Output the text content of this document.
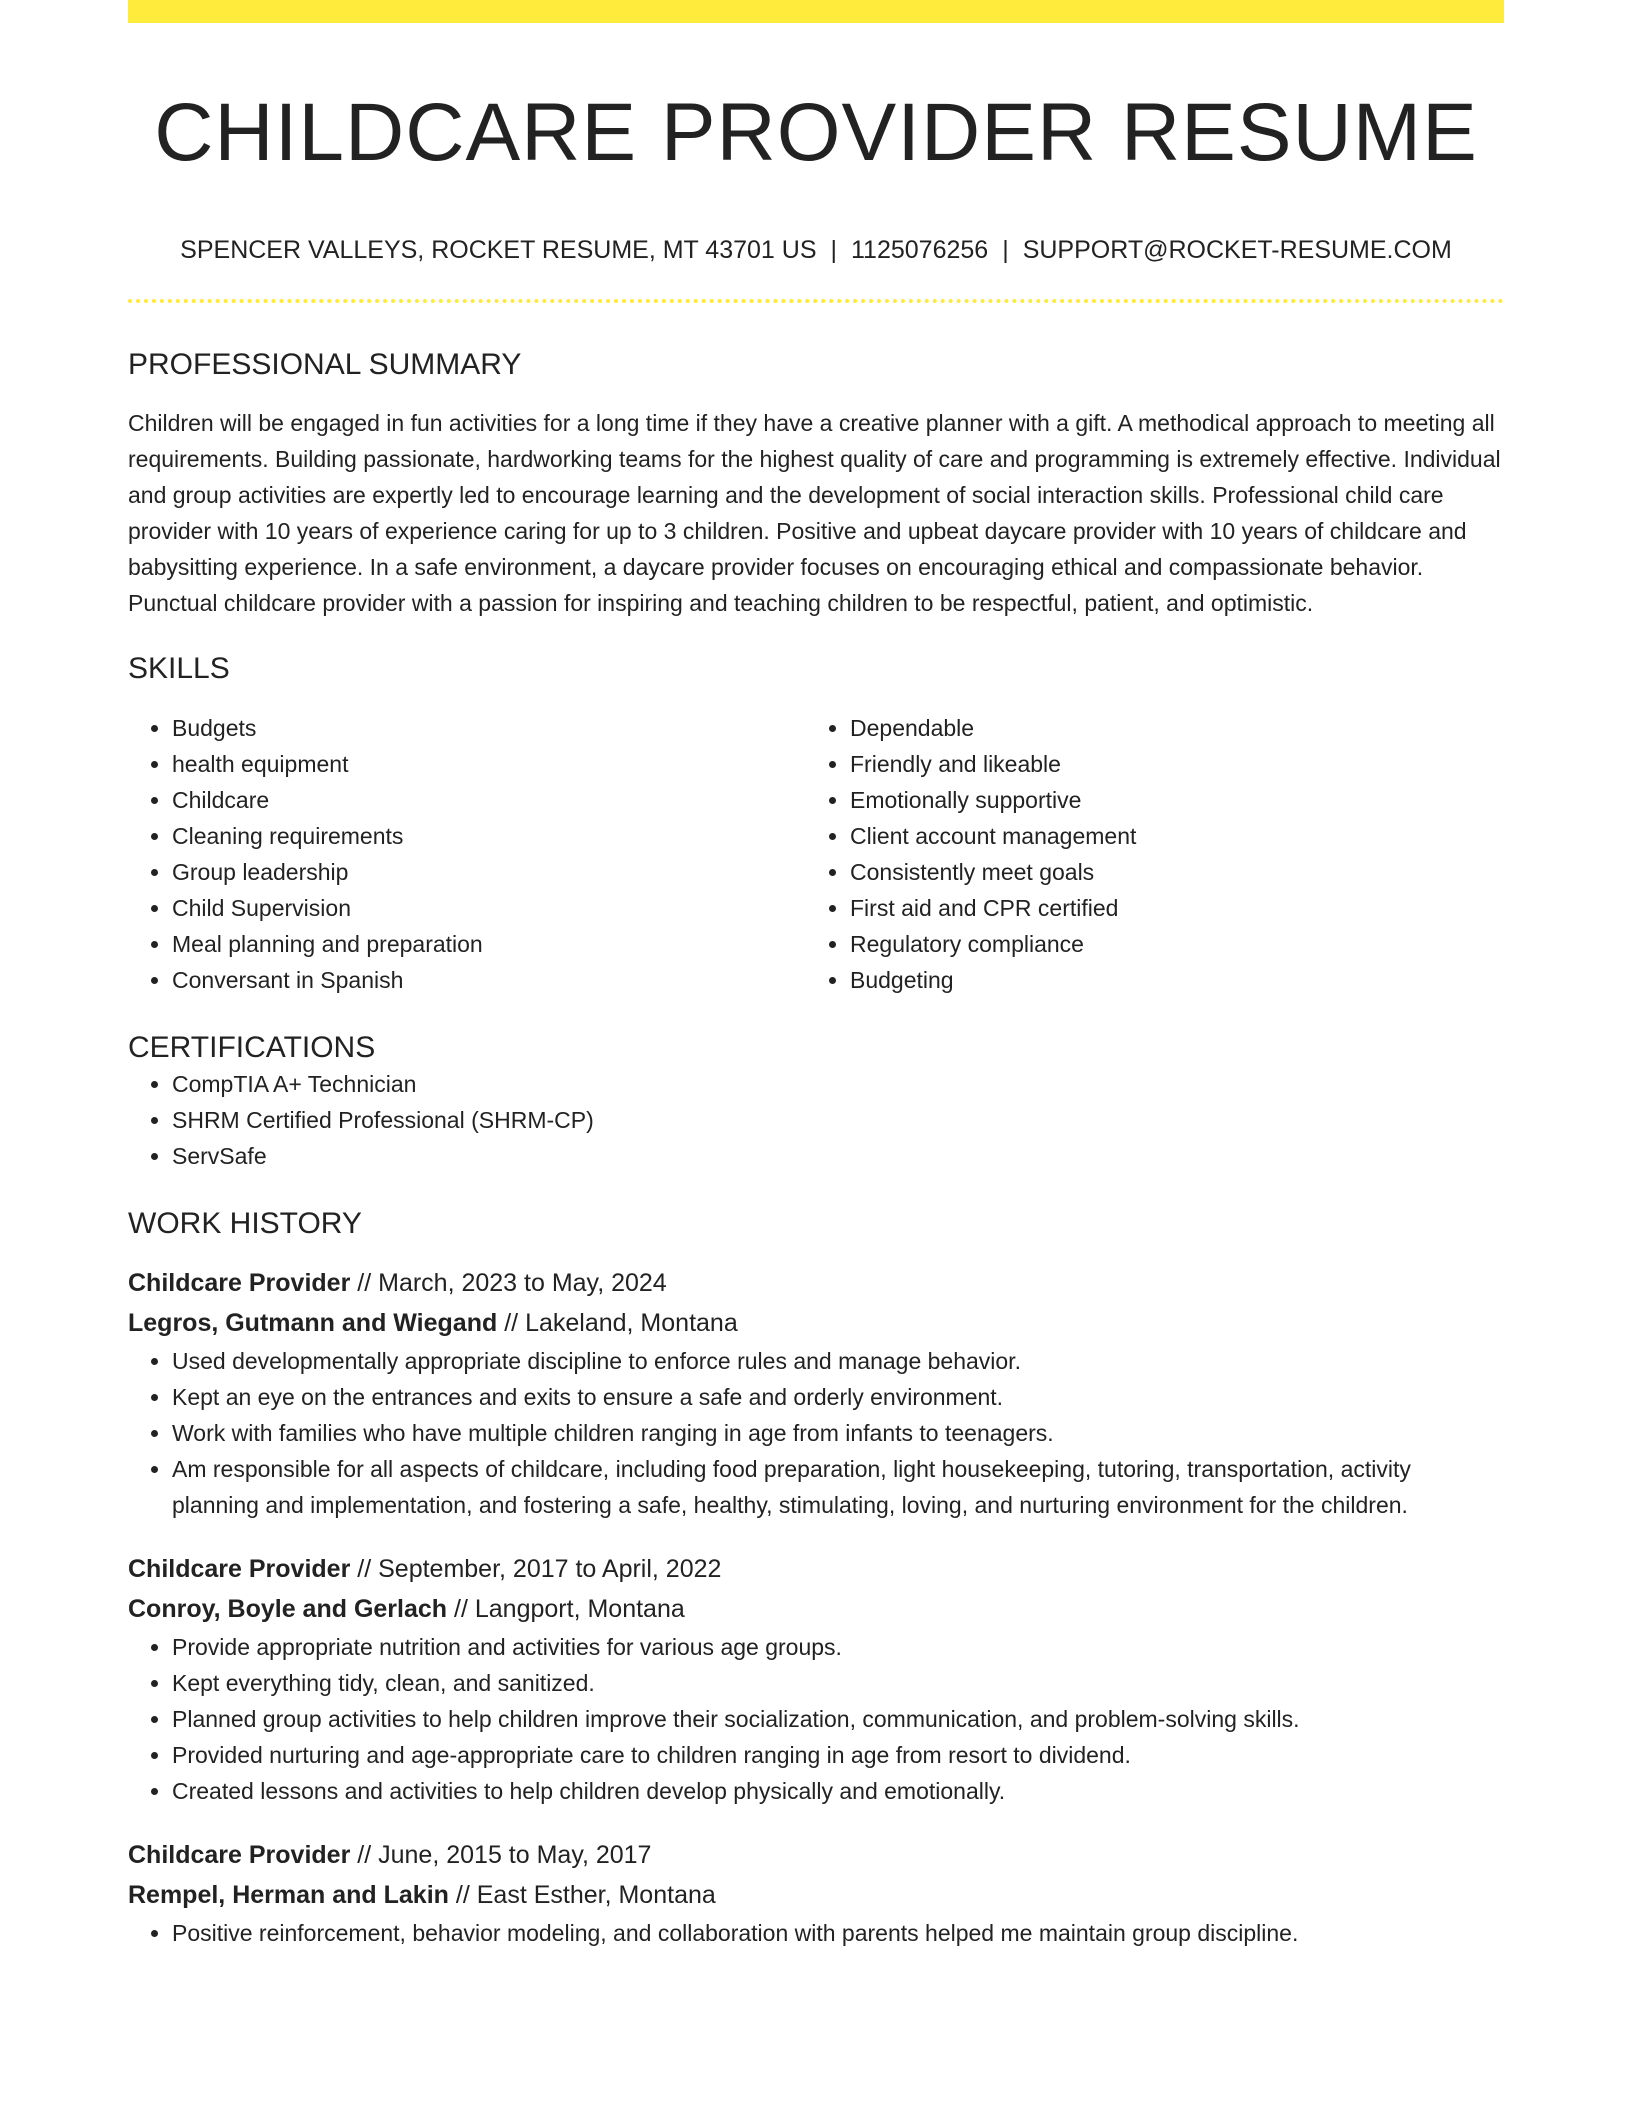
CHILDCARE PROVIDER RESUME
SPENCER VALLEYS, ROCKET RESUME, MT 43701 US | 1125076256 | SUPPORT@ROCKET-RESUME.COM
PROFESSIONAL SUMMARY

Children will be engaged in fun activities for a long time if they have a creative planner with a gift. A methodical approach to meeting all requirements. Building passionate, hardworking teams for the highest quality of care and programming is extremely effective. Individual and group activities are expertly led to encourage learning and the development of social interaction skills. Professional child care provider with 10 years of experience caring for up to 3 children. Positive and upbeat daycare provider with 10 years of childcare and babysitting experience. In a safe environment, a daycare provider focuses on encouraging ethical and compassionate behavior. Punctual childcare provider with a passion for inspiring and teaching children to be respectful, patient, and optimistic.

SKILLS
• Budgets
• health equipment
• Childcare
• Cleaning requirements
• Group leadership
• Child Supervision
• Meal planning and preparation
• Conversant in Spanish
• Dependable
• Friendly and likeable
• Emotionally supportive
• Client account management
• Consistently meet goals
• First aid and CPR certified
• Regulatory compliance
• Budgeting
CERTIFICATIONS
• CompTIA A+ Technician
• SHRM Certified Professional (SHRM-CP)
• ServSafe
WORK HISTORY
Childcare Provider // March, 2023 to May, 2024
Legros, Gutmann and Wiegand // Lakeland, Montana
• Used developmentally appropriate discipline to enforce rules and manage behavior.
• Kept an eye on the entrances and exits to ensure a safe and orderly environment.
• Work with families who have multiple children ranging in age from infants to teenagers.
• Am responsible for all aspects of childcare, including food preparation, light housekeeping, tutoring, transportation, activity planning and implementation, and fostering a safe, healthy, stimulating, loving, and nurturing environment for the children.
Childcare Provider // September, 2017 to April, 2022
Conroy, Boyle and Gerlach // Langport, Montana
• Provide appropriate nutrition and activities for various age groups.
• Kept everything tidy, clean, and sanitized.
• Planned group activities to help children improve their socialization, communication, and problem-solving skills.
• Provided nurturing and age-appropriate care to children ranging in age from resort to dividend.
• Created lessons and activities to help children develop physically and emotionally.
Childcare Provider // June, 2015 to May, 2017
Rempel, Herman and Lakin // East Esther, Montana
• Positive reinforcement, behavior modeling, and collaboration with parents helped me maintain group discipline.
